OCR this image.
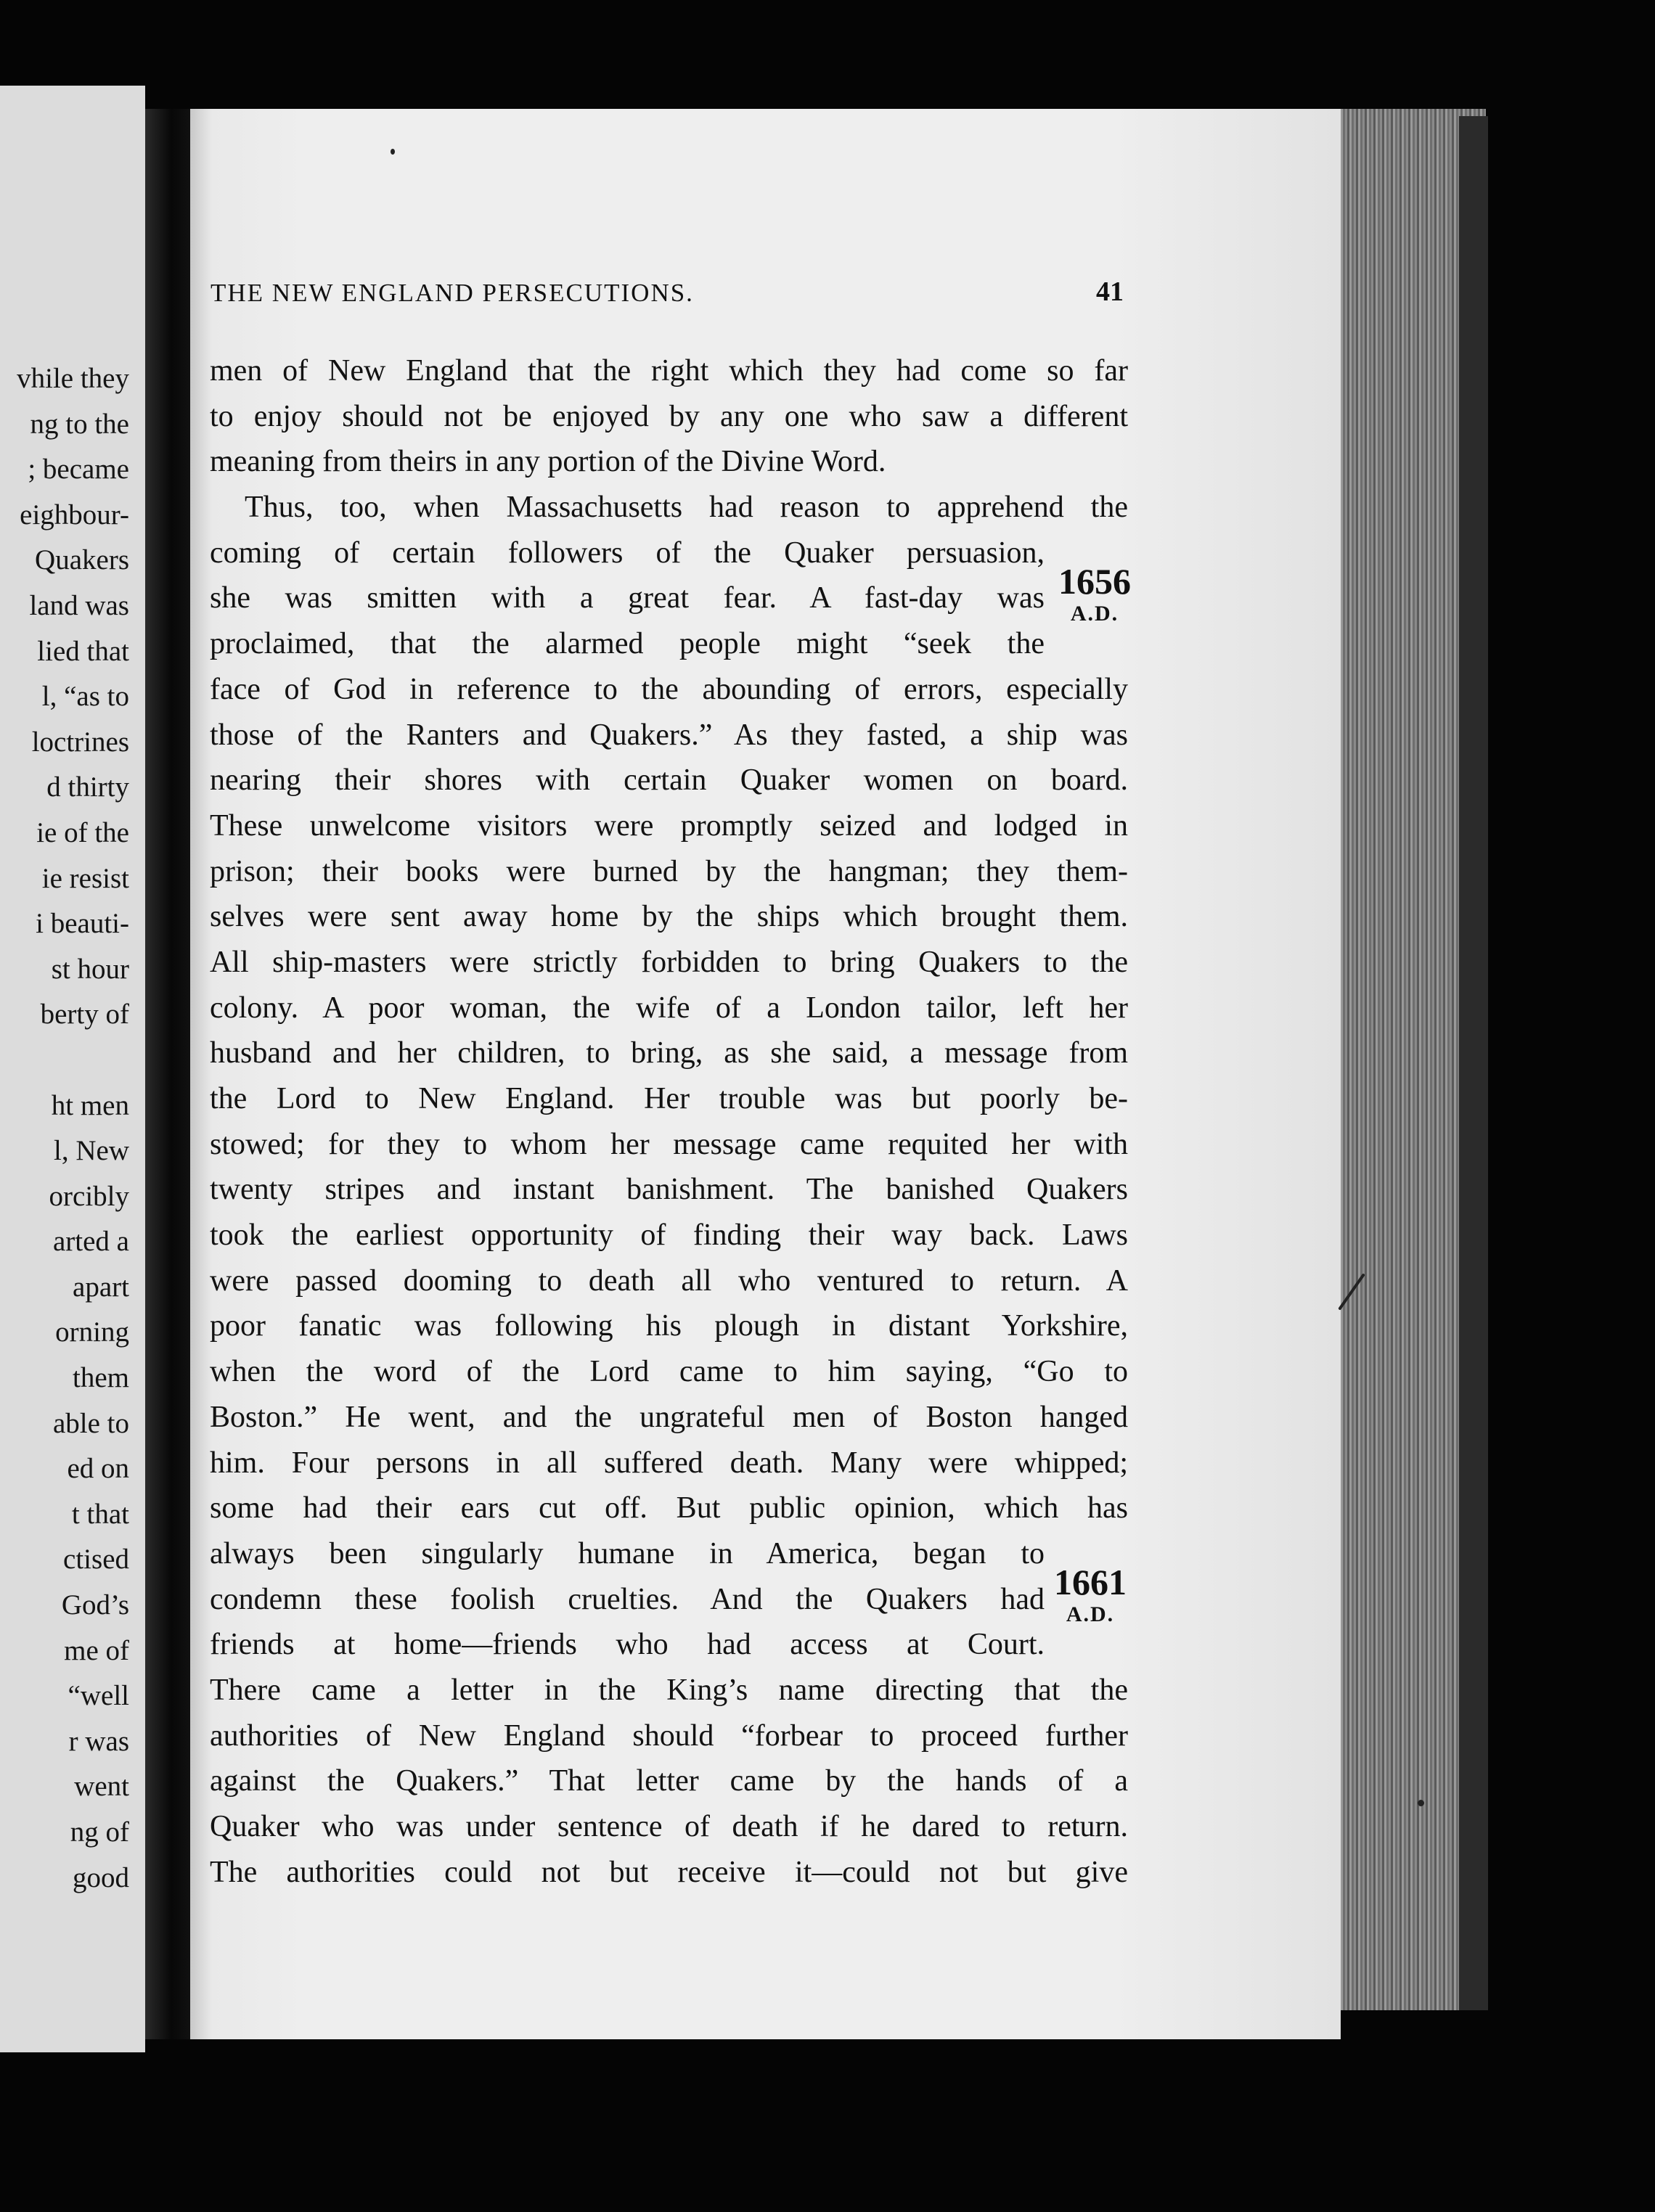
vhile they
ng to the
; became
eighbour-
Quakers
land was
lied that
l, “as to
loctrines
d thirty
ie of the
ie resist
i beauti-
st hour
berty of
ht men
l, New
orcibly
arted a
apart
orning
them
able to
ed on
t that
ctised
God’s
me of
“well
r was
went
ng of
good
THE NEW ENGLAND PERSECUTIONS.	41
men of New England that the right which they had come so far
to enjoy should not be enjoyed by any one who saw a different
meaning from theirs in any portion of the Divine Word.
Thus, too, when Massachusetts had reason to apprehend the
coming of certain followers of the Quaker persuasion,
she was smitten with a great fear. A fast-day was
proclaimed, that the alarmed people might “seek the
face of God in reference to the abounding of errors, especially
those of the Ranters and Quakers.” As they fasted, a ship was
nearing their shores with certain Quaker women on board.
These unwelcome visitors were promptly seized and lodged in
prison; their books were burned by the hangman; they them-
selves were sent away home by the ships which brought them.
All ship-masters were strictly forbidden to bring Quakers to the
colony. A poor woman, the wife of a London tailor, left her
husband and her children, to bring, as she said, a message from
the Lord to New England. Her trouble was but poorly be-
stowed; for they to whom her message came requited her with
twenty stripes and instant banishment. The banished Quakers
took the earliest opportunity of finding their way back. Laws
were passed dooming to death all who ventured to return. A
poor fanatic was following his plough in distant Yorkshire,
when the word of the Lord came to him saying, “Go to
Boston.” He went, and the ungrateful men of Boston hanged
him. Four persons in all suffered death. Many were whipped;
some had their ears cut off. But public opinion, which has
always been singularly humane in America, began to
condemn these foolish cruelties. And the Quakers had
friends at home—friends who had access at Court.
There came a letter in the King’s name directing that the
authorities of New England should “forbear to proceed further
against the Quakers.” That letter came by the hands of a
Quaker who was under sentence of death if he dared to return.
The authorities could not but receive it—could not but give
1656
A.D.
1661
A.D.
